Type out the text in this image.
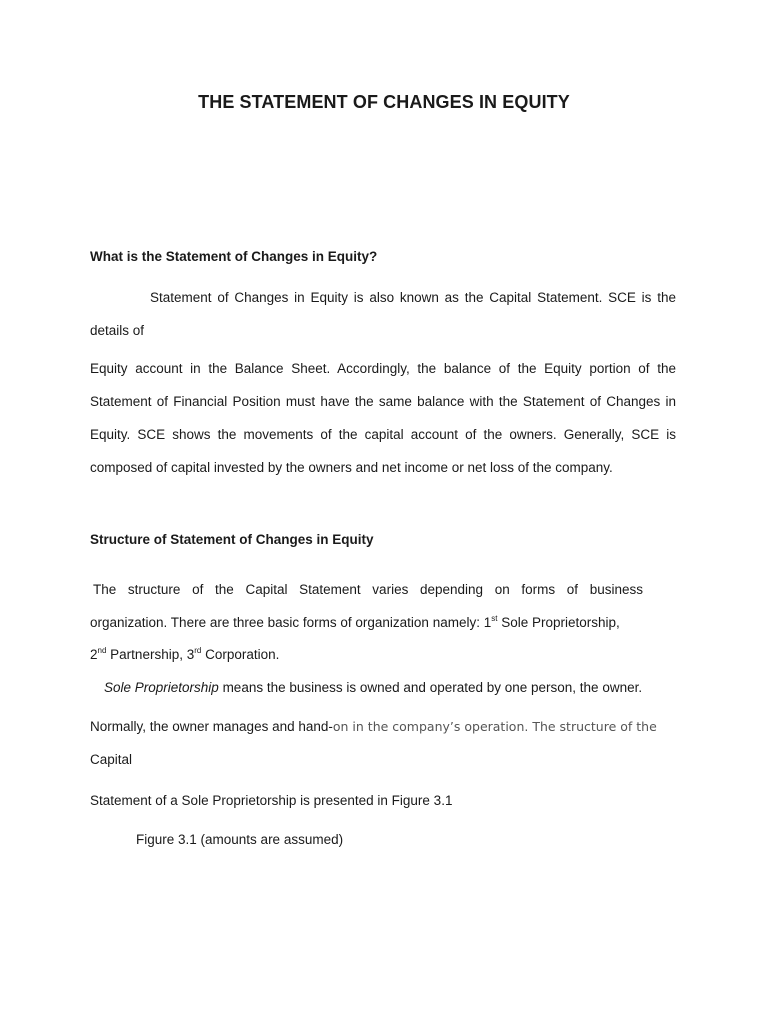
THE STATEMENT OF CHANGES IN EQUITY
What is the Statement of Changes in Equity?
Statement of Changes in Equity is also known as the Capital Statement. SCE is the
details of
Equity account in the Balance Sheet. Accordingly, the balance of the Equity portion of the
Statement of Financial Position must have the same balance with the Statement of Changes in
Equity. SCE shows the movements of the capital account of the owners. Generally, SCE is
composed of capital invested by the owners and net income or net loss of the company.
Structure of Statement of Changes in Equity
The structure of the Capital Statement varies depending on forms of business
organization. There are three basic forms of organization namely: 1st Sole Proprietorship,
2nd Partnership, 3rd Corporation.
Sole Proprietorship means the business is owned and operated by one person, the owner.
Normally, the owner manages and hand-on in the company’s operation. The structure of the
Capital
Statement of a Sole Proprietorship is presented in Figure 3.1
Figure 3.1 (amounts are assumed)
